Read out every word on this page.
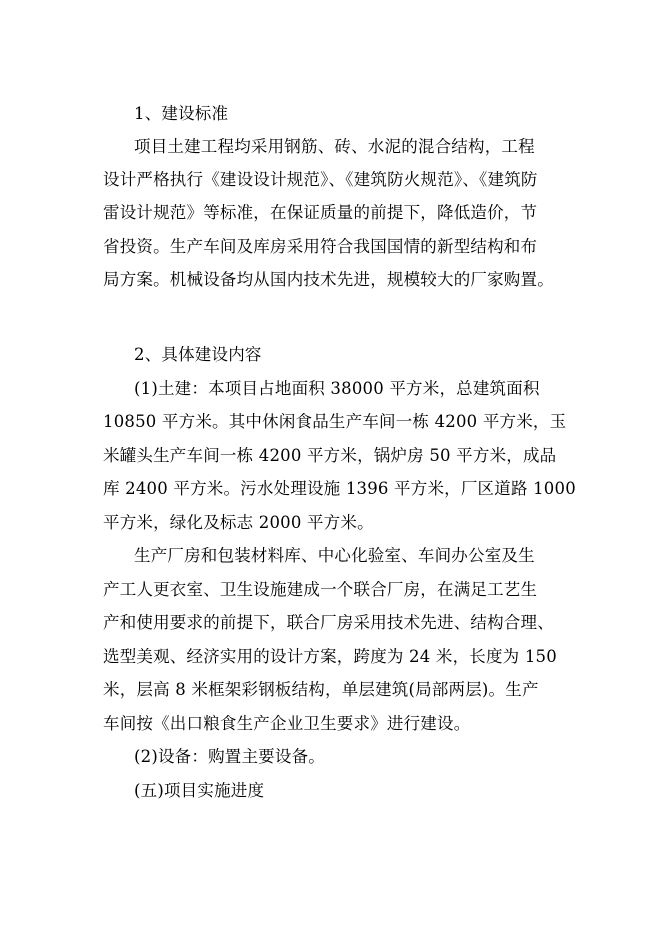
1、建设标准
项目土建工程均采用钢筋、砖、水泥的混合结构，工程
设计严格执行《建设设计规范》、《建筑防火规范》、《建筑防
雷设计规范》等标准，在保证质量的前提下，降低造价，节
省投资。生产车间及库房采用符合我国国情的新型结构和布
局方案。机械设备均从国内技术先进，规模较大的厂家购置。
2、具体建设内容
(1)土建：本项目占地面积 38000 平方米，总建筑面积
10850 平方米。其中休闲食品生产车间一栋 4200 平方米，玉
米罐头生产车间一栋 4200 平方米，锅炉房 50 平方米，成品
库 2400 平方米。污水处理设施 1396 平方米，厂区道路 1000
平方米，绿化及标志 2000 平方米。
生产厂房和包装材料库、中心化验室、车间办公室及生
产工人更衣室、卫生设施建成一个联合厂房，在满足工艺生
产和使用要求的前提下，联合厂房采用技术先进、结构合理、
选型美观、经济实用的设计方案，跨度为 24 米，长度为 150
米，层高 8 米框架彩钢板结构，单层建筑(局部两层)。生产
车间按《出口粮食生产企业卫生要求》进行建设。
(2)设备：购置主要设备。
(五)项目实施进度
